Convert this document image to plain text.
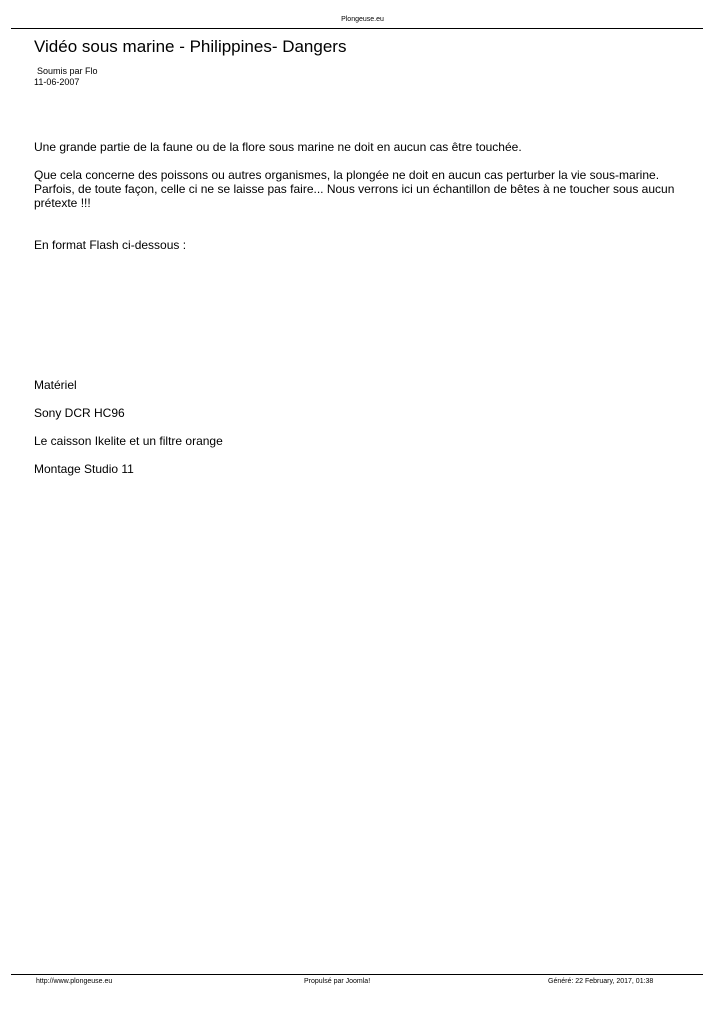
Plongeuse.eu
Vidéo sous marine - Philippines- Dangers
Soumis par Flo
11-06-2007

Une grande partie de la faune ou de la flore sous marine ne doit en aucun cas être touchée.

Que cela concerne des poissons ou autres organismes, la plongée ne doit en aucun cas perturber la vie sous-marine. Parfois, de toute façon, celle ci ne se laisse pas faire... Nous verrons ici un échantillon de bêtes à ne toucher sous aucun prétexte !!!

En format Flash ci-dessous :

Matériel

Sony DCR HC96

Le caisson Ikelite et un filtre orange

Montage Studio 11

http://www.plongeuse.eu	Propulsé par Joomla!	Généré: 22 February, 2017, 01:38
